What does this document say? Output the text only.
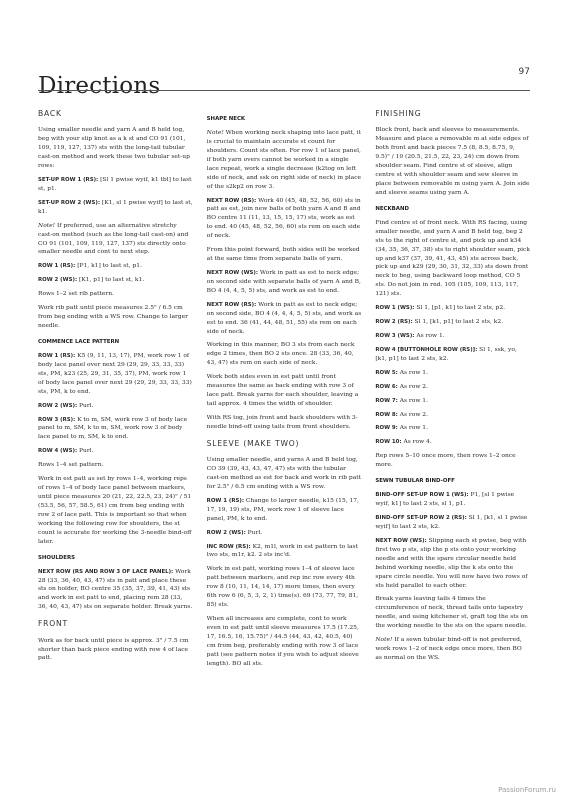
Directions
97
BACK

Using smaller needle and yarn A and B held tog, beg with your slip knot as a k st and CO 91 (101, 109, 119, 127, 137) sts with the long-tail tubular cast-on method and work these two tubular set-up rows:

SET-UP ROW 1 (RS): [Sl 1 pwise wyif, k1 tbl] to last st, p1.

SET-UP ROW 2 (WS): [K1, sl 1 pwise wyif] to last st, k1.

Note! If preferred, use an alternative stretchy cast-on method (such as the long-tail cast-on) and CO 91 (101, 109, 119, 127, 137) sts directly onto smaller needle and cont to next step.

ROW 1 (RS): [P1, k1] to last st, p1.

ROW 2 (WS): [K1, p1] to last st, k1.

Rows 1–2 set rib pattern.

Work rib patt until piece measures 2.5" / 6.5 cm from beg ending with a WS row. Change to larger needle.

COMMENCE LACE PATTERN

ROW 1 (RS): K5 (9, 11, 13, 17), PM, work row 1 of body lace panel over next 29 (29, 29, 33, 33, 33) sts, PM, k23 (25, 29, 31, 35, 37), PM, work row 1 of body lace panel over next 29 (29, 29, 33, 33, 33) sts, PM, k to end.

ROW 2 (WS): Purl.

ROW 3 (RS): K to m, SM, work row 3 of body lace panel to m, SM, k to m, SM, work row 3 of body lace panel to m, SM, k to end.

ROW 4 (WS): Purl.

Rows 1–4 set pattern.

Work in est patt as set by rows 1–4, working reps of rows 1–4 of body lace panel between markers, until piece measures 20 (21, 22, 22.5, 23, 24)" / 51 (53.5, 56, 57, 58.5, 61) cm from beg ending with row 2 of lace patt. This is important so that when working the following row for shoulders, the st count is accurate for working the 3-needle bind-off later.

SHOULDERS

NEXT ROW (RS AND ROW 3 OF LACE PANEL): Work 28 (33, 36, 40, 43, 47) sts in patt and place these sts on holder, BO centre 35 (35, 37, 39, 41, 43) sts and work in est patt to end, placing rem 28 (33, 36, 40, 43, 47) sts on separate holder. Break yarns.

FRONT

Work as for back until piece is approx. 3" / 7.5 cm shorter than back piece ending with row 4 of lace patt.

SHAPE NECK

Note! When working neck shaping into lace patt, it is crucial to maintain accurate st count for shoulders. Count sts often. For row 1 of lace panel, if both yarn overs cannot be worked in a single lace repeat, work a single decrease (k2tog on left side of neck, and ssk on right side of neck) in place of the s2kp2 on row 3.

NEXT ROW (RS): Work 40 (45, 48, 52, 56, 60) sts in patt as est, join new balls of both yarn A and B and BO centre 11 (11, 13, 15, 15, 17) sts, work as est to end. 40 (45, 48, 52, 56, 60) sts rem on each side of neck.

From this point forward, both sides will be worked at the same time from separate balls of yarn.

NEXT ROW (WS): Work in patt as est to neck edge; on second side with separate balls of yarn A and B, BO 4 (4, 4, 5, 5) sts, and work as est to end.

NEXT ROW (RS): Work in patt as est to neck edge; on second side, BO 4 (4, 4, 4, 5, 5) sts, and work as est to end. 36 (41, 44, 48, 51, 55) sts rem on each side of neck.

Working in this manner, BO 3 sts from each neck edge 2 times, then BO 2 sts once. 28 (33, 36, 40, 43, 47) sts rem on each side of neck.

Work both sides even in est patt until front measures the same as back ending with row 3 of lace patt. Break yarns for each shoulder, leaving a tail approx. 4 times the width of shoulder.

With RS tog, join front and back shoulders with 3-needle bind-off using tails from front shoulders.

SLEEVE (MAKE TWO)

Using smaller needle, and yarns A and B held tog, CO 39 (39, 43, 43, 47, 47) sts with the tubular cast-on method as est for back and work in rib patt for 2.5" / 6.5 cm ending with a WS row.

ROW 1 (RS): Change to larger needle, k15 (15, 17, 17, 19, 19) sts, PM, work row 1 of sleeve lace panel, PM, k to end.

ROW 2 (WS): Purl.

INC ROW (RS): K2, m1l, work in est pattern to last two sts, m1r, k2. 2 sts inc'd.

Work in est patt, working rows 1–4 of sleeve lace patt between markers, and rep inc row every 4th row 8 (10, 11, 14, 14, 17) more times, then every 6th row 6 (6, 5, 3, 2, 1) time(s). 69 (73, 77, 79, 81, 85) sts.

When all increases are complete, cont to work even in est patt until sleeve measures 17.5 (17.25, 17, 16.5, 16, 15.75)" / 44.5 (44, 43, 42, 40.5, 40) cm from beg, preferably ending with row 3 of lace patt (see pattern notes if you wish to adjust sleeve length). BO all sts.

FINISHING

Block front, back and sleeves to measurements. Measure and place a removable m at side edges of both front and back pieces 7.5 (8, 8.5, 8.75, 9, 9.5)" / 19 (20.5, 21.5, 22, 23, 24) cm down from shoulder seam. Find centre st of sleeve, align centre st with shoulder seam and sew sleeve in place between removable m using yarn A. Join side and sleeve seams using yarn A.

NECKBAND

Find centre st of front neck. With RS facing, using smaller needle, and yarn A and B held tog, beg 2 sts to the right of centre st, and pick up and k34 (34, 35, 36, 37, 38) sts to right shoulder seam, pick up and k37 (37, 39, 41, 43, 45) sts across back, pick up and k29 (29, 30, 31, 32, 33) sts down front neck to beg, using backward loop method, CO 5 sts. Do not join in rnd. 105 (105, 109, 113, 117, 121) sts.

ROW 1 (WS): Sl 1, [p1, k1] to last 2 sts, p2.

ROW 2 (RS): Sl 1, [k1, p1] to last 2 sts, k2.

ROW 3 (WS): As row 1.

ROW 4 [BUTTONHOLE ROW (RS)]: Sl 1, ssk, yo, [k1, p1] to last 2 sts, k2.

ROW 5: As row 1.

ROW 6: As row 2.

ROW 7: As row 1.

ROW 8: As row 2.

ROW 9: As row 1.

ROW 10: As row 4.

Rep rows 5–10 once more, then rows 1–2 once more.

SEWN TUBULAR BIND-OFF

BIND-OFF SET-UP ROW 1 (WS): P1, [sl 1 pwise wyif, k1] to last 2 sts, sl 1, p1.

BIND-OFF SET-UP ROW 2 (RS): Sl 1, [k1, sl 1 pwise wyif] to last 2 sts, k2.

NEXT ROW (WS): Slipping each st pwise, beg with first two p sts, slip the p sts onto your working needle and with the spare circular needle held behind working needle, slip the k sts onto the spare circle needle. You will now have two rows of sts held parallel to each other.

Break yarns leaving tails 4 times the circumference of neck, thread tails onto tapestry needle, and using kitchener st, graft tog the sts on the working needle to the sts on the spare needle.

Note! If a sewn tubular bind-off is not preferred, work rows 1–2 of neck edge once more, then BO as normal on the WS.

PassionForum.ru
